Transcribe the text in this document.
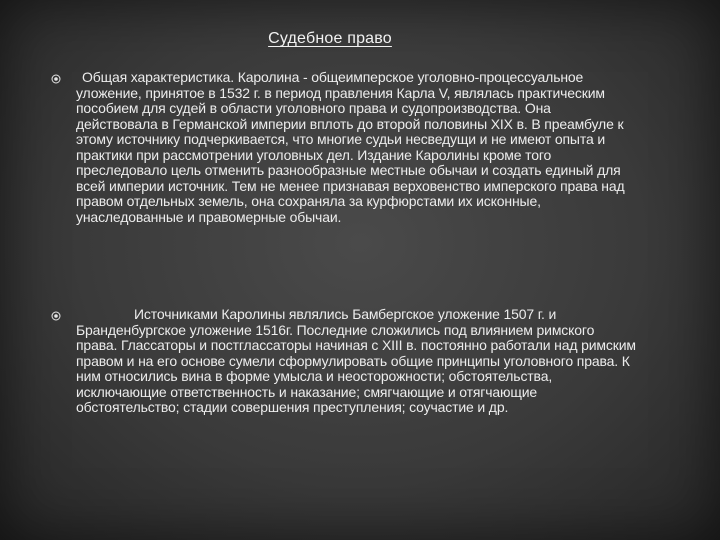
Судебное право
Общая характеристика. Каролина - общеимперское уголовно-процессуальное уложение, принятое в 1532 г. в период правления Карла V, являлась практическим пособием для судей в области уголовного права и судопроизводства. Она действовала в Германской империи вплоть до второй половины XIX в. В преамбуле к этому источнику подчеркивается, что многие судьи несведущи и не имеют опыта и практики при рассмотрении уголовных дел. Издание Каролины кроме того преследовало цель отменить разнообразные местные обычаи и создать единый для всей империи источник. Тем не менее признавая верховенство имперского права над правом отдельных земель, она сохраняла за курфюрстами их исконные, унаследованные и правомерные обычаи.
Источниками Каролины являлись Бамбергское уложение 1507 г. и Бранденбургское уложение 1516г. Последние сложились под влиянием римского права. Глассаторы и постглассаторы начиная с XIII в. постоянно работали над римским правом и на его основе сумели сформулировать общие принципы уголовного права. К ним относились вина в форме умысла и неосторожности; обстоятельства, исключающие ответственность и наказание; смягчающие и отягчающие обстоятельство; стадии совершения преступления; соучастие и др.
